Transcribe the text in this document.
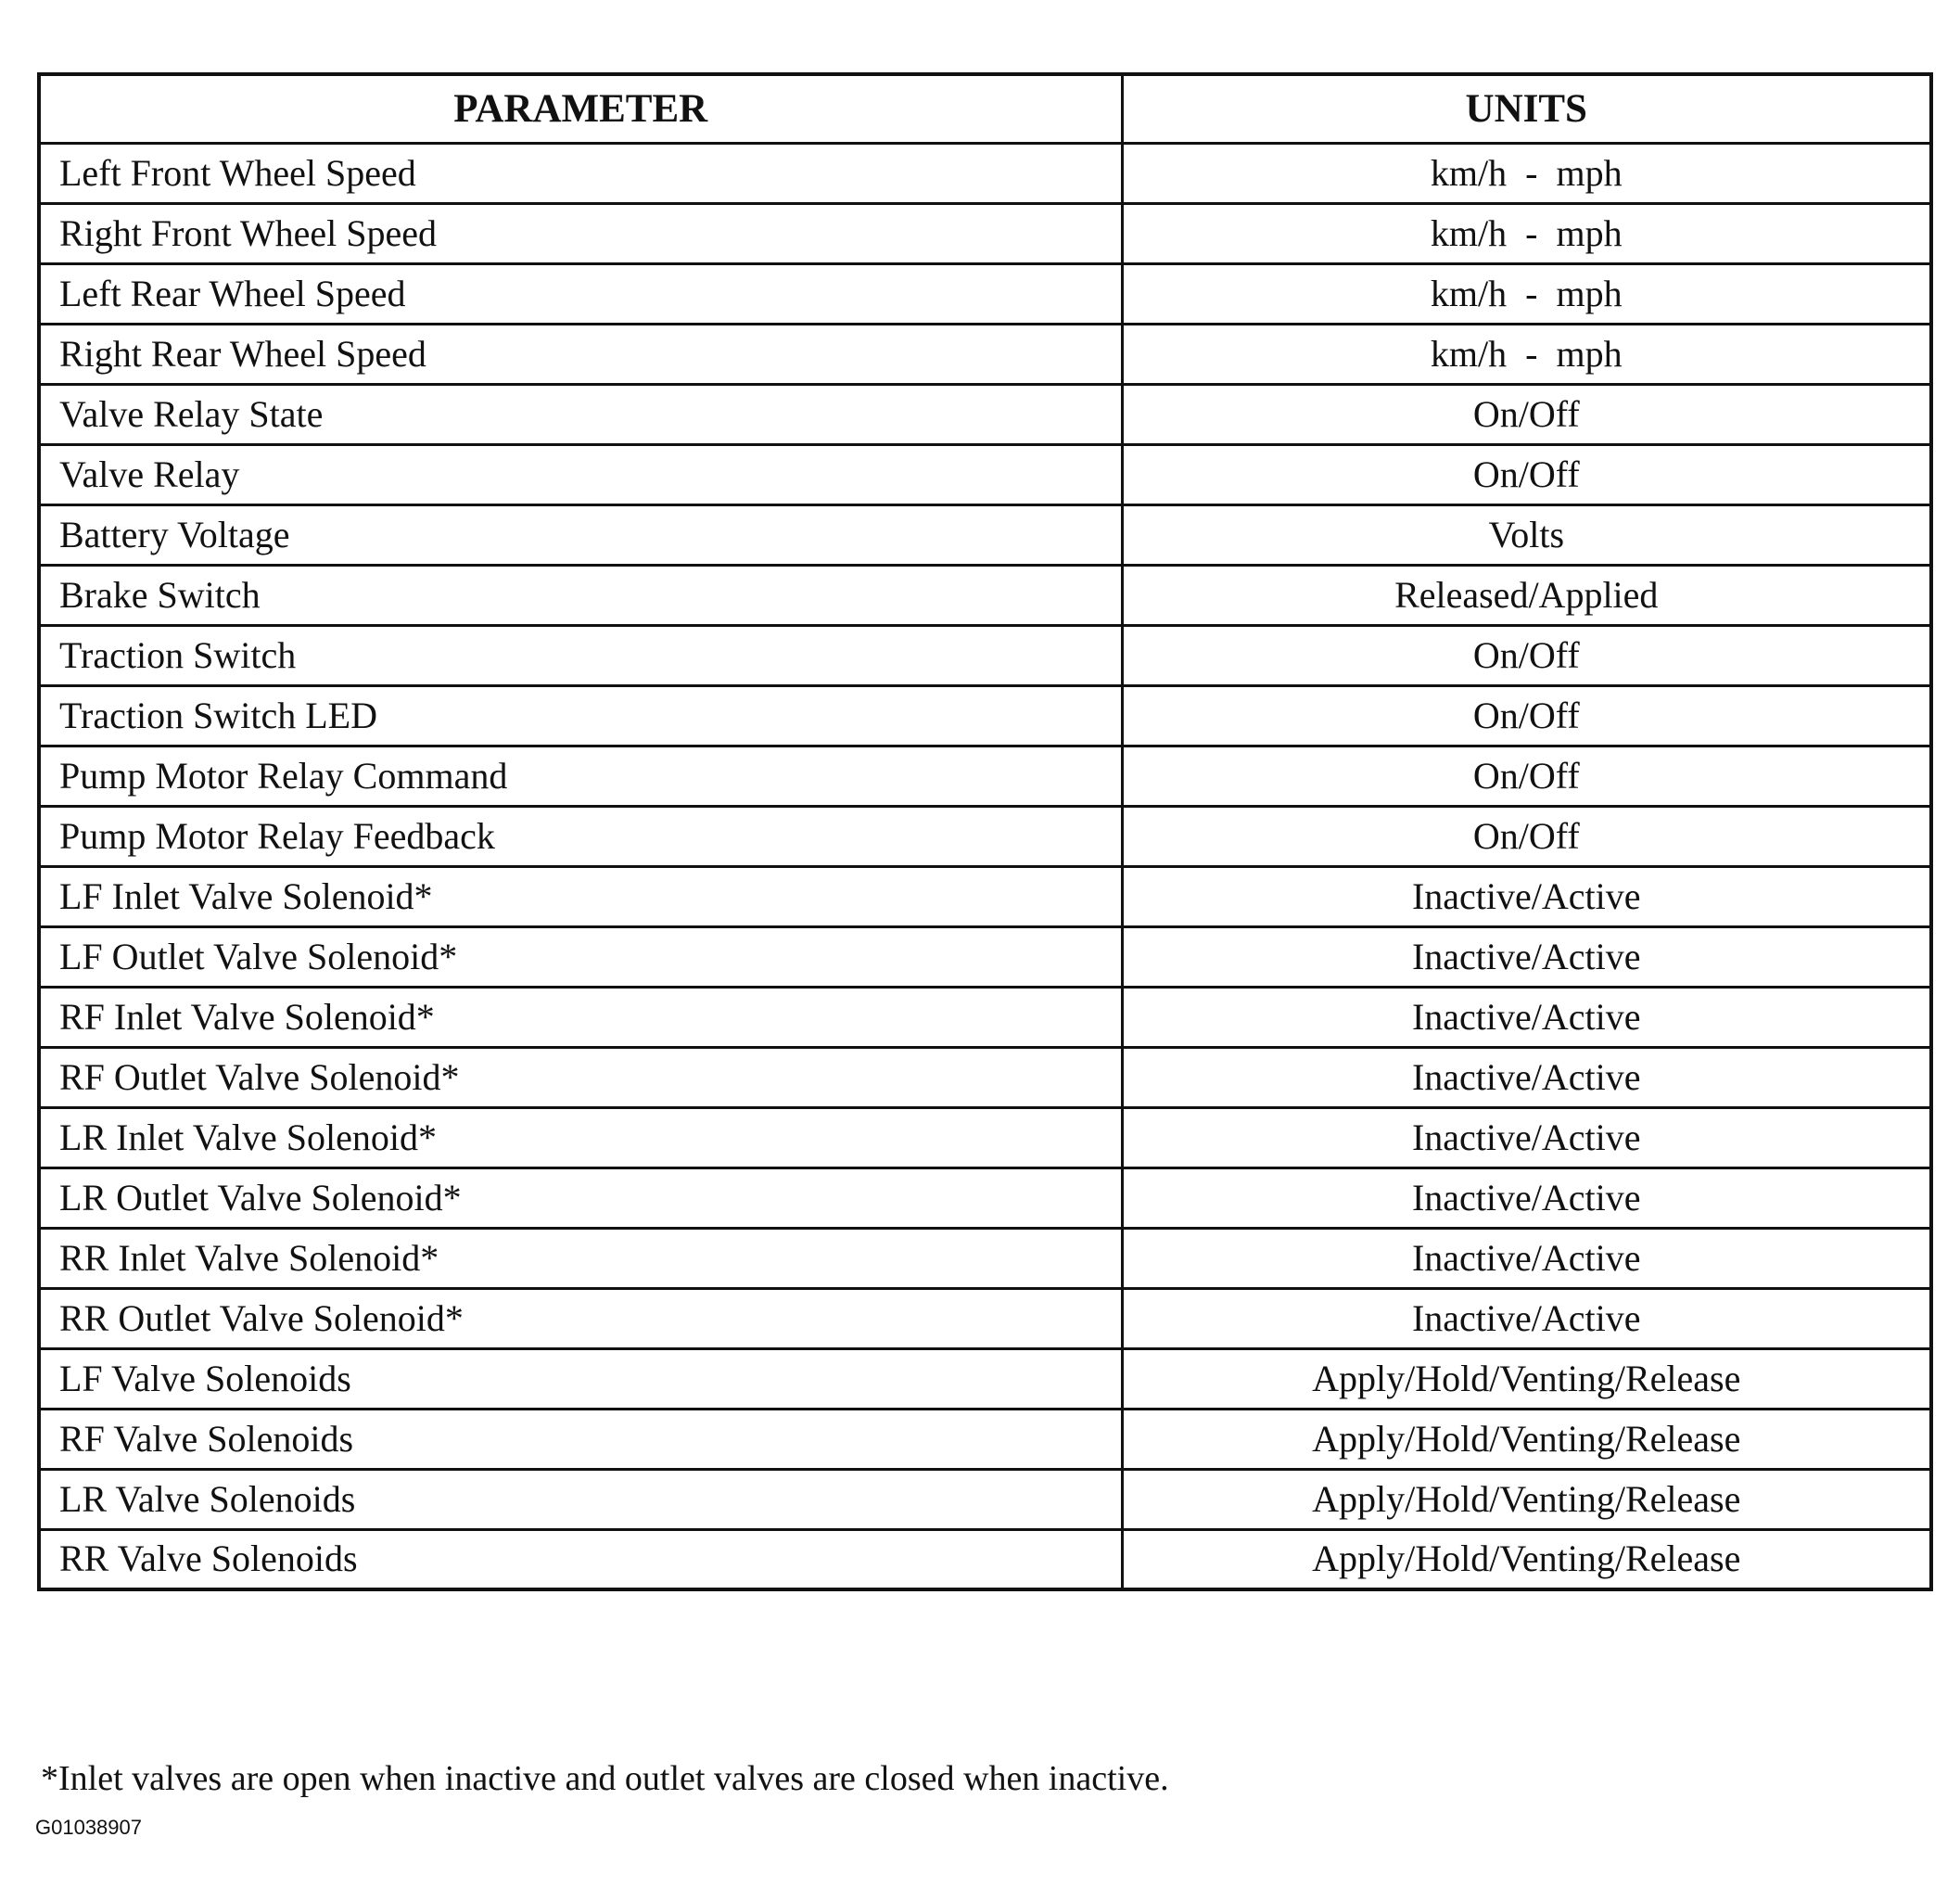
PARAMETER	UNITS
Left Front Wheel Speed	km/h  -  mph
Right Front Wheel Speed	km/h  -  mph
Left Rear Wheel Speed	km/h  -  mph
Right Rear Wheel Speed	km/h  -  mph
Valve Relay State	On/Off
Valve Relay	On/Off
Battery Voltage	Volts
Brake Switch	Released/Applied
Traction Switch	On/Off
Traction Switch LED	On/Off
Pump Motor Relay Command	On/Off
Pump Motor Relay Feedback	On/Off
LF Inlet Valve Solenoid*	Inactive/Active
LF Outlet Valve Solenoid*	Inactive/Active
RF Inlet Valve Solenoid*	Inactive/Active
RF Outlet Valve Solenoid*	Inactive/Active
LR Inlet Valve Solenoid*	Inactive/Active
LR Outlet Valve Solenoid*	Inactive/Active
RR Inlet Valve Solenoid*	Inactive/Active
RR Outlet Valve Solenoid*	Inactive/Active
LF Valve Solenoids	Apply/Hold/Venting/Release
RF Valve Solenoids	Apply/Hold/Venting/Release
LR Valve Solenoids	Apply/Hold/Venting/Release
RR Valve Solenoids	Apply/Hold/Venting/Release
*Inlet valves are open when inactive and outlet valves are closed when inactive.
G01038907
